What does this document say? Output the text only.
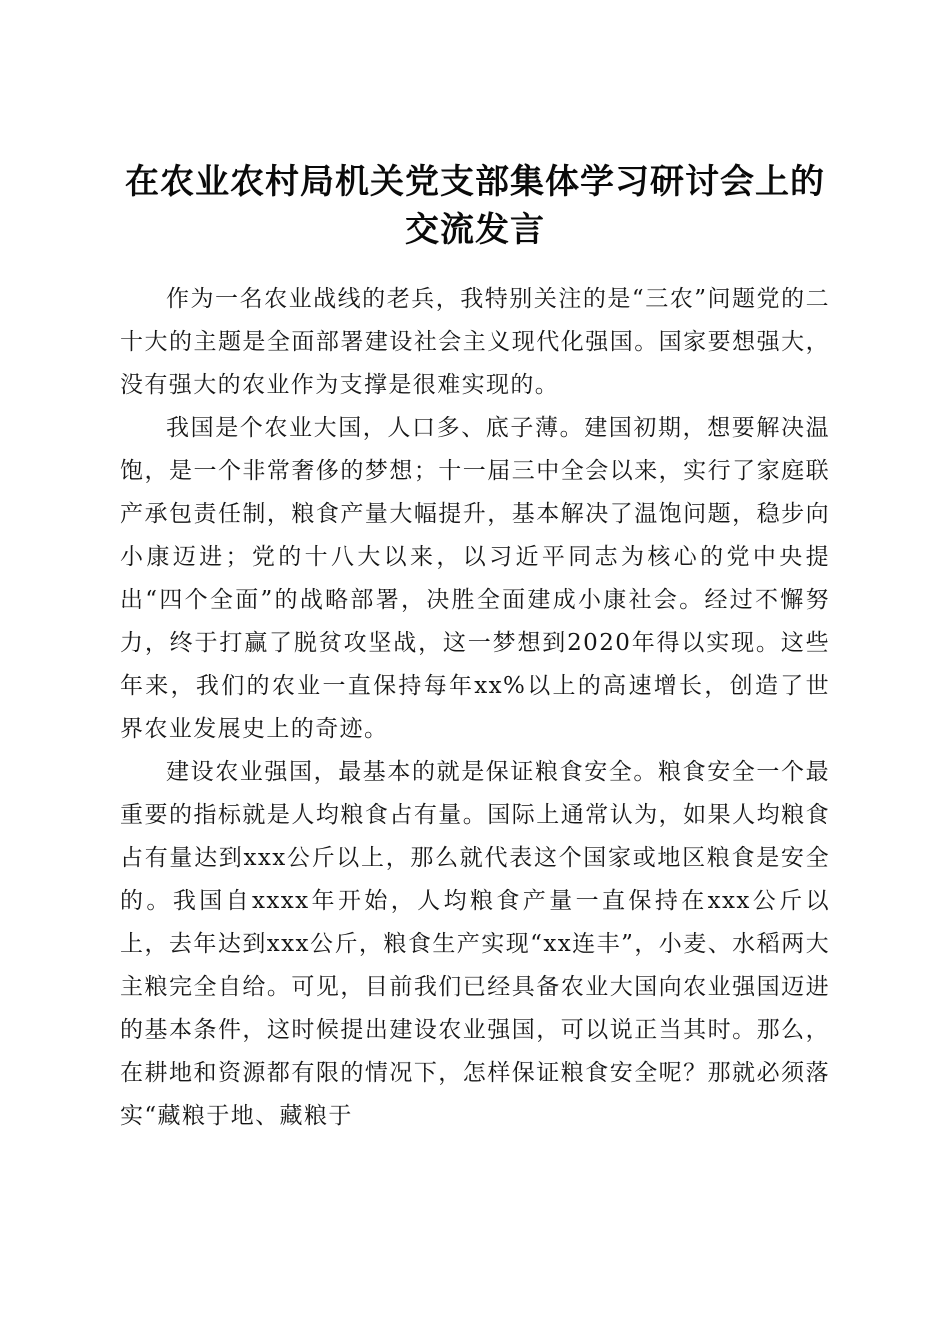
在农业农村局机关党支部集体学习研讨会上的
交流发言

作为一名农业战线的老兵，我特别关注的是“三农”问题党的二十大的主题是全面部署建设社会主义现代化强国。国家要想强大，没有强大的农业作为支撑是很难实现的。

我国是个农业大国，人口多、底子薄。建国初期，想要解决温饱，是一个非常奢侈的梦想；十一届三中全会以来，实行了家庭联产承包责任制，粮食产量大幅提升，基本解决了温饱问题，稳步向小康迈进；党的十八大以来，以习近平同志为核心的党中央提出“四个全面”的战略部署，决胜全面建成小康社会。经过不懈努力，终于打赢了脱贫攻坚战，这一梦想到2020年得以实现。这些年来，我们的农业一直保持每年xx%以上的高速增长，创造了世界农业发展史上的奇迹。

建设农业强国，最基本的就是保证粮食安全。粮食安全一个最重要的指标就是人均粮食占有量。国际上通常认为，如果人均粮食占有量达到xxx公斤以上，那么就代表这个国家或地区粮食是安全的。我国自xxxx年开始，人均粮食产量一直保持在xxx公斤以上，去年达到xxx公斤，粮食生产实现“xx连丰”，小麦、水稻两大主粮完全自给。可见，目前我们已经具备农业大国向农业强国迈进的基本条件，这时候提出建设农业强国，可以说正当其时。那么，在耕地和资源都有限的情况下，怎样保证粮食安全呢？那就必须落实“藏粮于地、藏粮于
